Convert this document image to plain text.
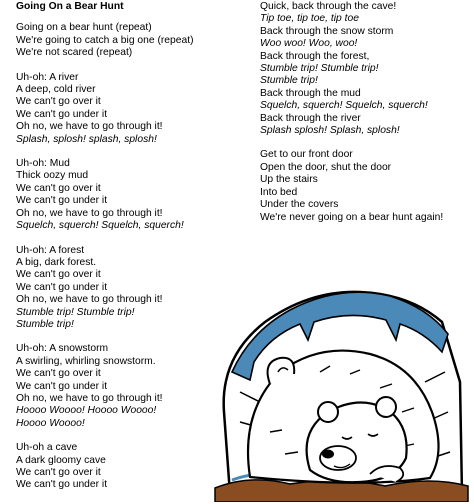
Going On a Bear Hunt
Going on a bear hunt (repeat)
We're going to catch a big one (repeat)
We're not scared (repeat)
Uh-oh: A river
A deep, cold river
We can't go over it
We can't go under it
Oh no, we have to go through it!
Splash, splosh! splash, splosh!
Uh-oh: Mud
Thick oozy mud
We can't go over it
We can't go under it
Oh no, we have to go through it!
Squelch, squerch! Squelch, squerch!
Uh-oh: A forest
A big, dark forest.
We can't go over it
We can't go under it
Oh no, we have to go through it!
Stumble trip! Stumble trip!
Stumble trip!
Uh-oh: A snowstorm
A swirling, whirling snowstorm.
We can't go over it
We can't go under it
Oh no, we have to go through it!
Hoooo Woooo! Hoooo Woooo!
Hoooo Woooo!
Uh-oh a cave
A dark gloomy cave
We can't go over it
We can't go under it
Quick, back through the cave!
Tip toe, tip toe, tip toe
Back through the snow storm
Woo woo! Woo, woo!
Back through the forest,
Stumble trip! Stumble trip!
Stumble trip!
Back through the mud
Squelch, squerch! Squelch, squerch!
Back through the river
Splash splosh! Splash, splosh!
Get to our front door
Open the door, shut the door
Up the stairs
Into bed
Under the covers
We're never going on a bear hunt again!
